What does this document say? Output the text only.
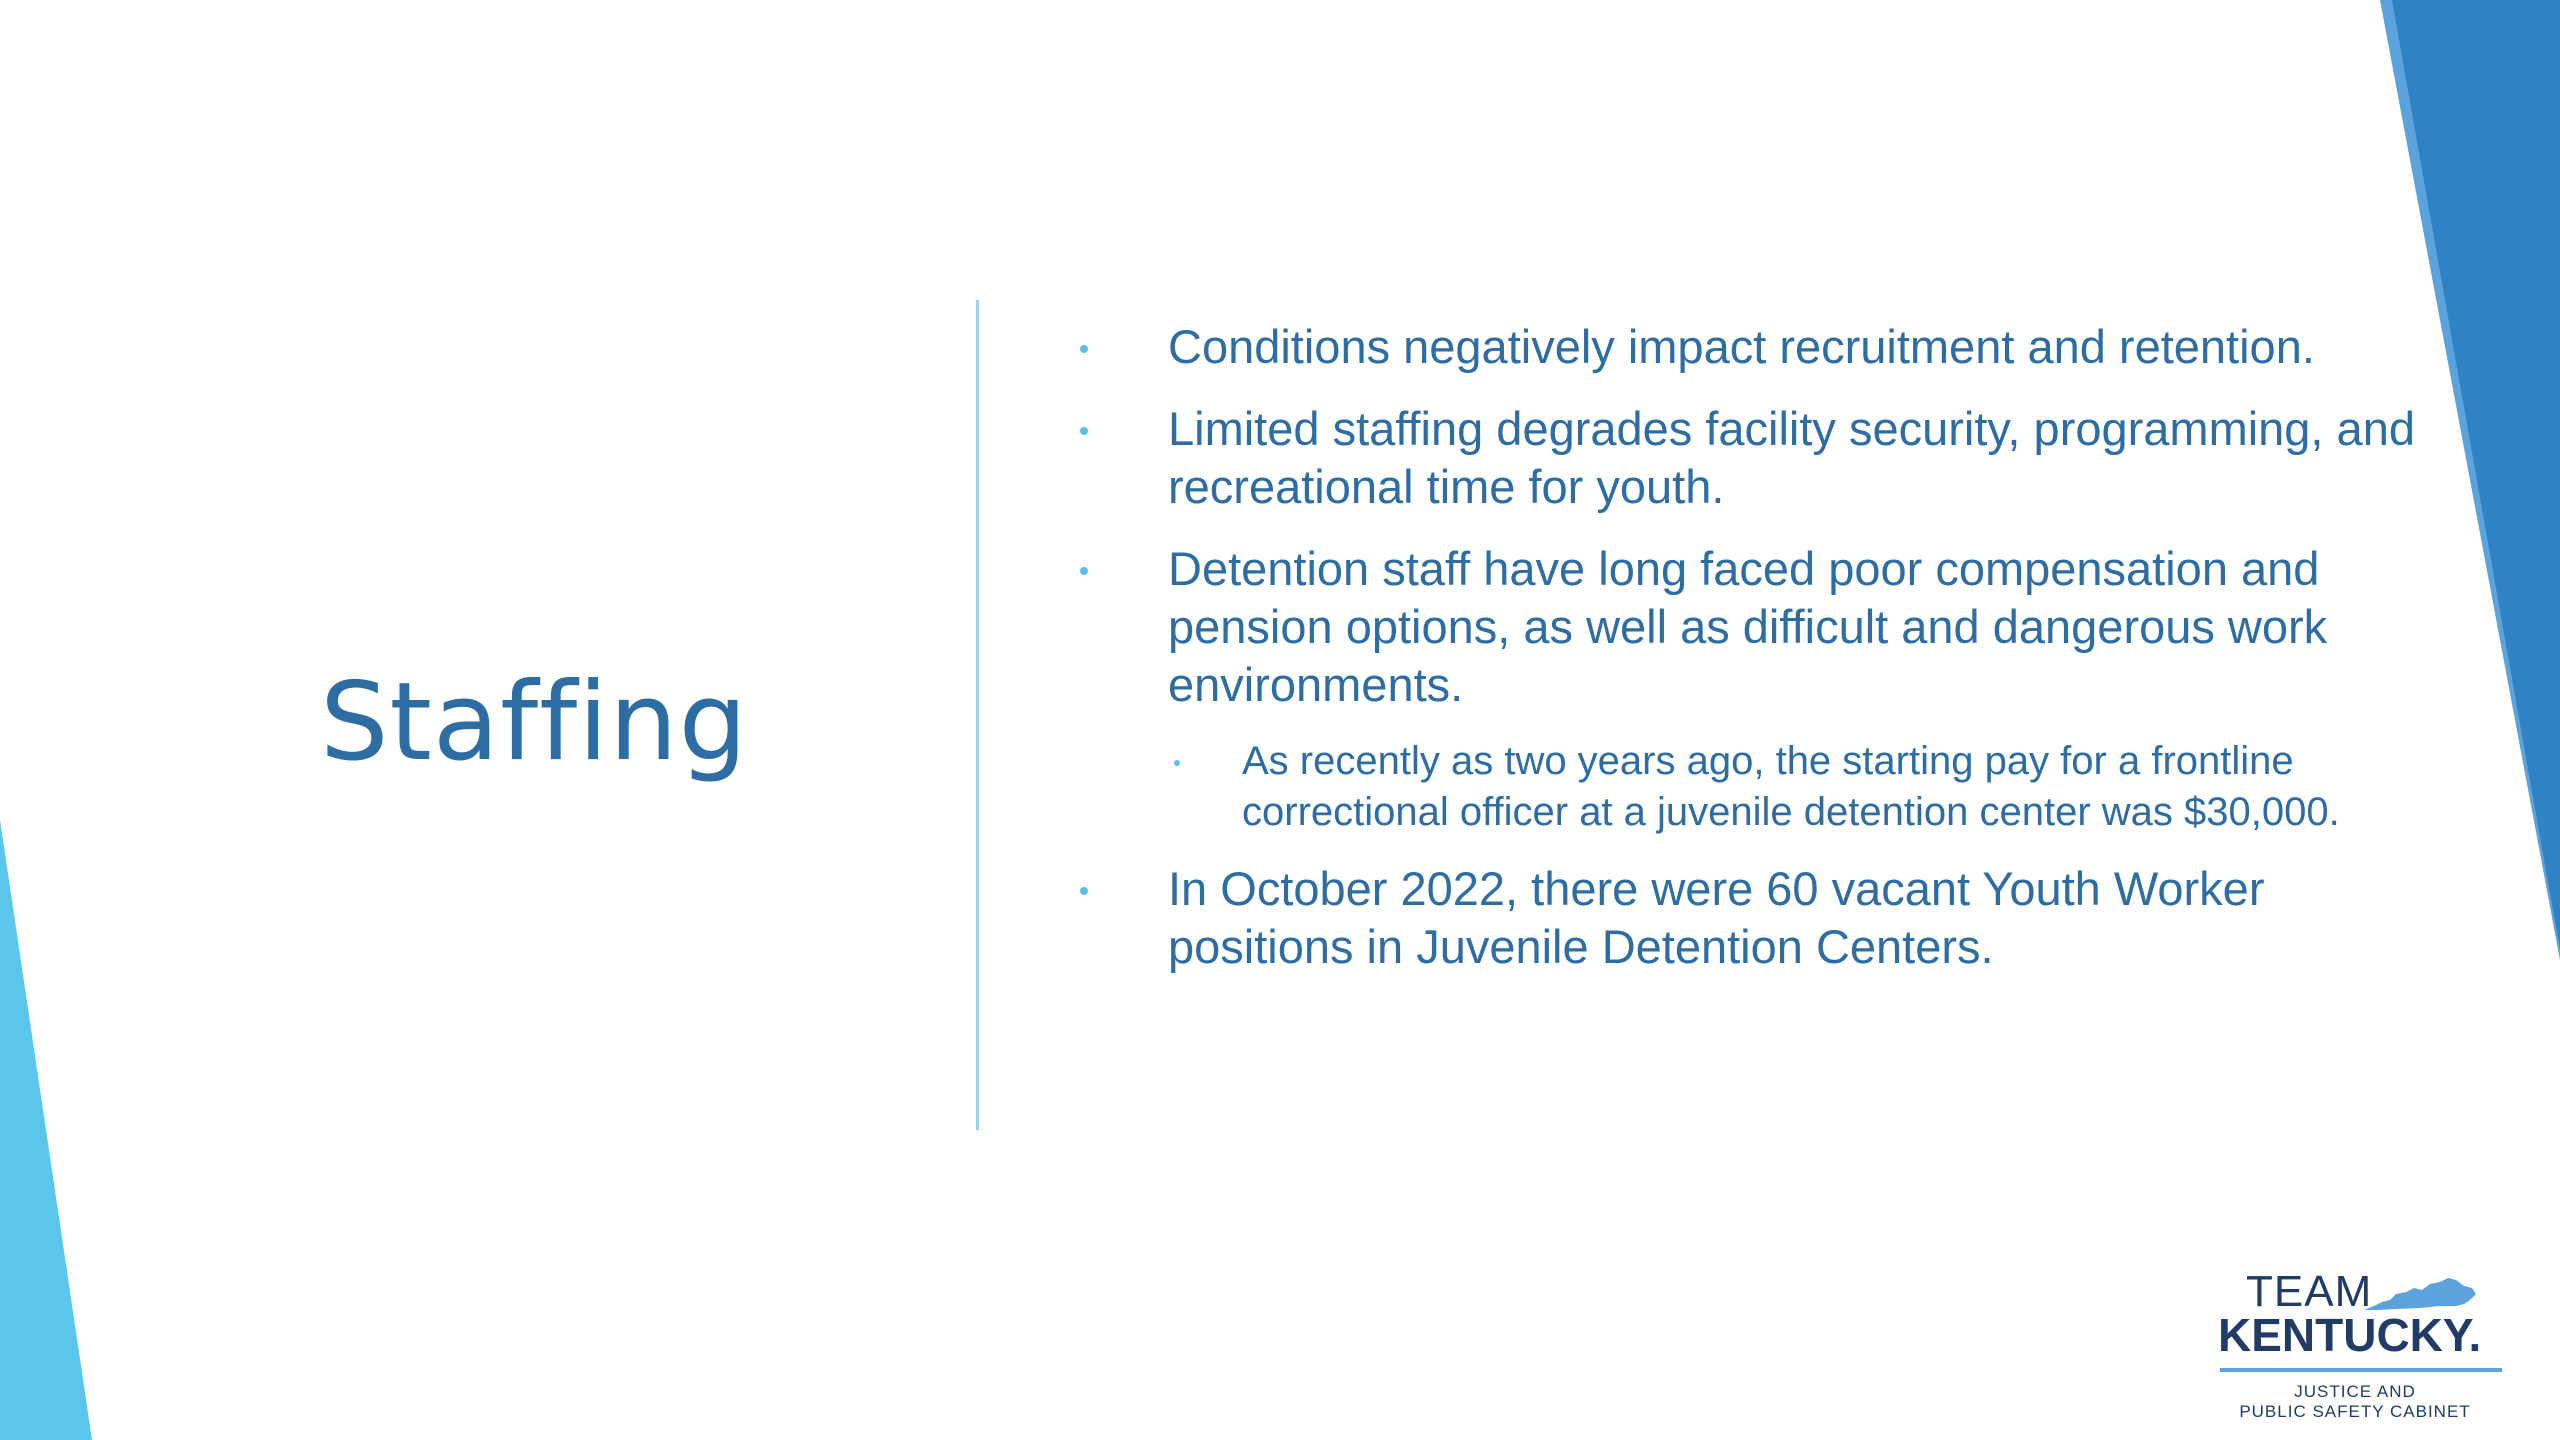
Staffing
Conditions negatively impact recruitment and retention.
Limited staffing degrades facility security, programming, and recreational time for youth.
Detention staff have long faced poor compensation and pension options, as well as difficult and dangerous work environments.
As recently as two years ago, the starting pay for a frontline correctional officer at a juvenile detention center was $30,000.
In October 2022, there were 60 vacant Youth Worker positions in Juvenile Detention Centers.
TEAM
KENTUCKY.
JUSTICE AND
PUBLIC SAFETY CABINET
